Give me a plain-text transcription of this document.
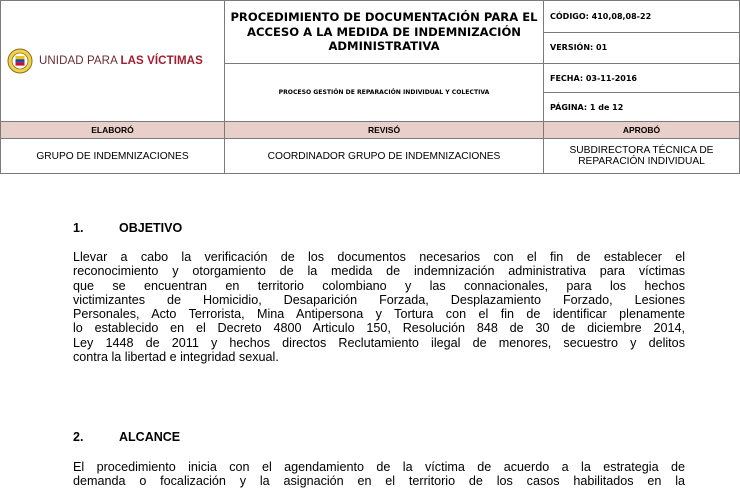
UNIDAD PARA LAS VÍCTIMAS	PROCEDIMIENTO DE DOCUMENTACIÓN PARA EL ACCESO A LA MEDIDA DE INDEMNIZACIÓN ADMINISTRATIVA	CÓDIGO: 410,08,08-22
		VERSIÓN: 01
	PROCESO GESTIÓN DE REPARACIÓN INDIVIDUAL Y COLECTIVA	FECHA: 03-11-2016
		PÁGINA: 1 de 12
ELABORÓ	REVISÓ	APROBÓ
GRUPO DE INDEMNIZACIONES	COORDINADOR GRUPO DE INDEMNIZACIONES	SUBDIRECTORA TÉCNICA DE
REPARACIÓN INDIVIDUAL
1.	OBJETIVO
Llevar a cabo la verificación de los documentos necesarios con el fin de establecer el
reconocimiento y otorgamiento de la medida de indemnización administrativa para víctimas
que se encuentran en territorio colombiano y las connacionales, para los hechos
victimizantes de Homicidio, Desaparición Forzada, Desplazamiento Forzado, Lesiones
Personales, Acto Terrorista, Mina Antipersona y Tortura con el fin de identificar plenamente
lo establecido en el Decreto 4800 Articulo 150, Resolución 848 de 30 de diciembre 2014,
Ley 1448 de 2011 y hechos directos Reclutamiento ilegal de menores, secuestro y delitos
contra la libertad e integridad sexual.
2.	ALCANCE
El procedimiento inicia con el agendamiento de la víctima de acuerdo a la estrategia de
demanda o focalización y la asignación en el territorio de los casos habilitados en la
